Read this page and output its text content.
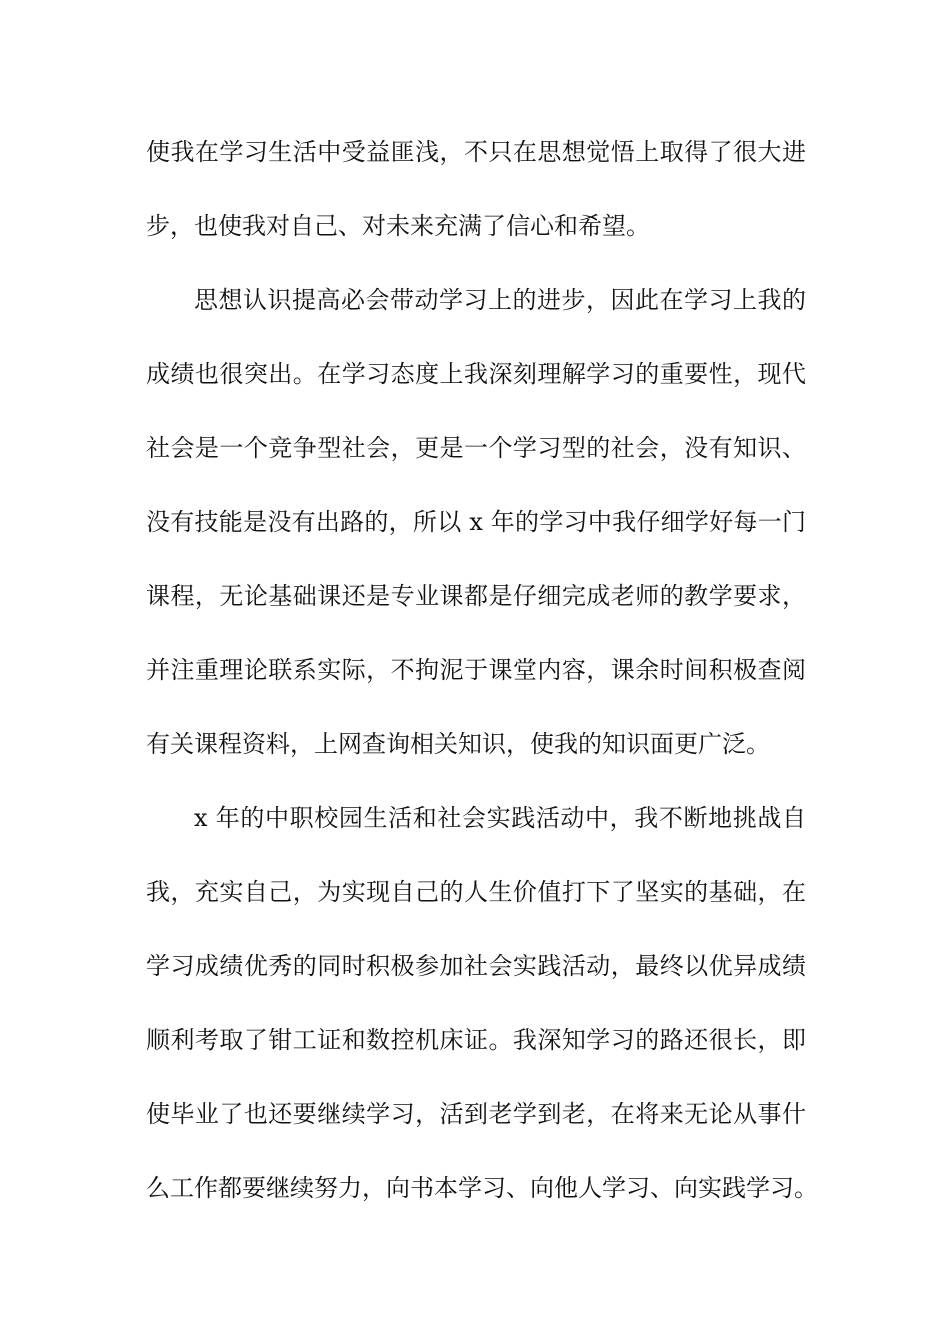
使我在学习生活中受益匪浅，不只在思想觉悟上取得了很大进
步，也使我对自己、对未来充满了信心和希望。
思想认识提高必会带动学习上的进步，因此在学习上我的
成绩也很突出。在学习态度上我深刻理解学习的重要性，现代
社会是一个竞争型社会，更是一个学习型的社会，没有知识、
没有技能是没有出路的，所以 x 年的学习中我仔细学好每一门
课程，无论基础课还是专业课都是仔细完成老师的教学要求，
并注重理论联系实际，不拘泥于课堂内容，课余时间积极查阅
有关课程资料，上网查询相关知识，使我的知识面更广泛。
x 年的中职校园生活和社会实践活动中，我不断地挑战自
我，充实自己，为实现自己的人生价值打下了坚实的基础，在
学习成绩优秀的同时积极参加社会实践活动，最终以优异成绩
顺利考取了钳工证和数控机床证。我深知学习的路还很长，即
使毕业了也还要继续学习，活到老学到老，在将来无论从事什
么工作都要继续努力，向书本学习、向他人学习、向实践学习。
